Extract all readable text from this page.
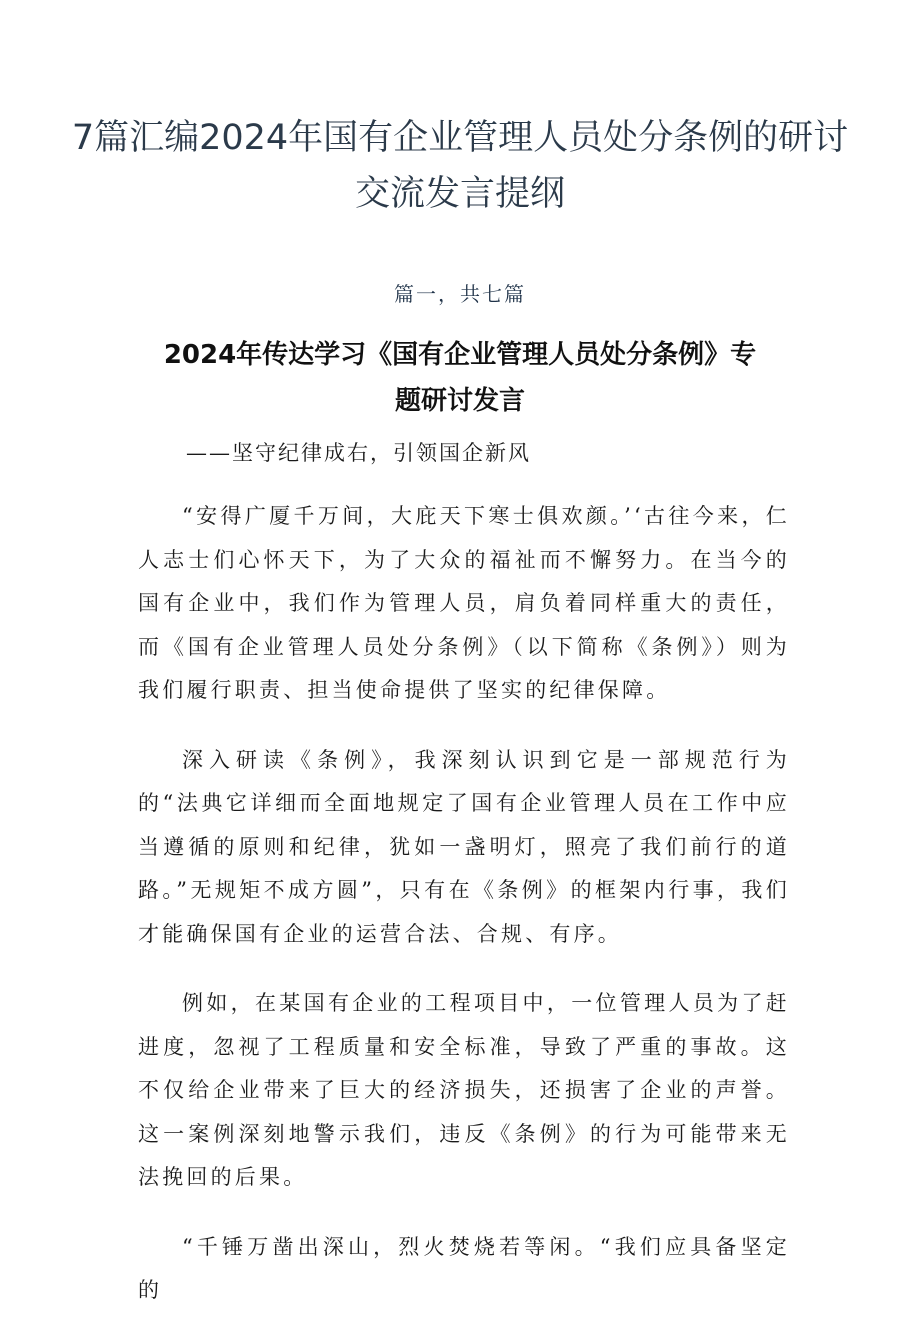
7篇汇编2024年国有企业管理人员处分条例的研讨交流发言提纲
篇一，共七篇
2024年传达学习《国有企业管理人员处分条例》专题研讨发言
——坚守纪律成右，引领国企新风

“安得广厦千万间，大庇天下寒士俱欢颜。’‘古往今来，仁人志士们心怀天下，为了大众的福祉而不懈努力。在当今的国有企业中，我们作为管理人员，肩负着同样重大的责任，而《国有企业管理人员处分条例》（以下简称《条例》）则为我们履行职责、担当使命提供了坚实的纪律保障。

深入研读《条例》，我深刻认识到它是一部规范行为的“法典它详细而全面地规定了国有企业管理人员在工作中应当遵循的原则和纪律，犹如一盏明灯，照亮了我们前行的道路。”无规矩不成方圆”，只有在《条例》的框架内行事，我们才能确保国有企业的运营合法、合规、有序。

例如，在某国有企业的工程项目中，一位管理人员为了赶进度，忽视了工程质量和安全标准，导致了严重的事故。这不仅给企业带来了巨大的经济损失，还损害了企业的声誉。这一案例深刻地警示我们，违反《条例》的行为可能带来无法挽回的后果。

“千锤万凿出深山，烈火焚烧若等闲。“我们应具备坚定的
